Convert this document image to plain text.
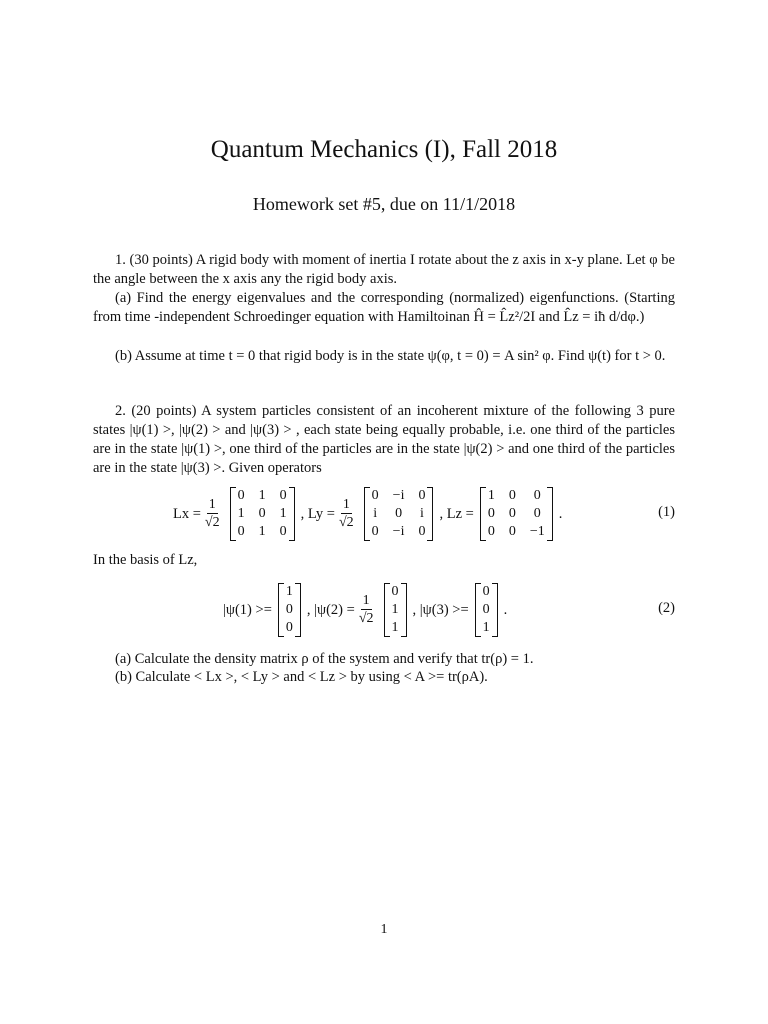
Quantum Mechanics (I), Fall 2018
Homework set #5, due on 11/1/2018
1. (30 points) A rigid body with moment of inertia I rotate about the z axis in x-y plane. Let φ be the angle between the x axis any the rigid body axis.
(a) Find the energy eigenvalues and the corresponding (normalized) eigenfunctions. (Starting from time -independent Schroedinger equation with Hamiltoinan Ĥ = L̂z²/2I and L̂z = iħ d/dφ.)
(b) Assume at time t = 0 that rigid body is in the state ψ(φ, t = 0) = A sin² φ. Find ψ(t) for t > 0.
2. (20 points) A system particles consistent of an incoherent mixture of the following 3 pure states |ψ(1) >, |ψ(2) > and |ψ(3) > , each state being equally probable, i.e. one third of the particles are in the state |ψ(1) >, one third of the particles are in the state |ψ(2) > and one third of the particles are in the state |ψ(3) >. Given operators
$Lx = \frac{1}{√2}$
0 1 0
1 0 1
0 1 0
, $Ly = \frac{1}{√2}$
0 −i 0
i 0 i
0 −i 0
, Lz =
1 0 0
0 0 0
0 0 −1
.	(1)
In the basis of Lz,
|ψ(1) >=
1
0
0
, $|\psi(2) = \frac{1}{√2}$
0
1
1
, |ψ(3) >=
0
0
1
.	(2)
(a) Calculate the density matrix ρ of the system and verify that tr(ρ) = 1.
(b) Calculate < Lx >, < Ly > and < Lz > by using < A >= tr(ρA).
1
